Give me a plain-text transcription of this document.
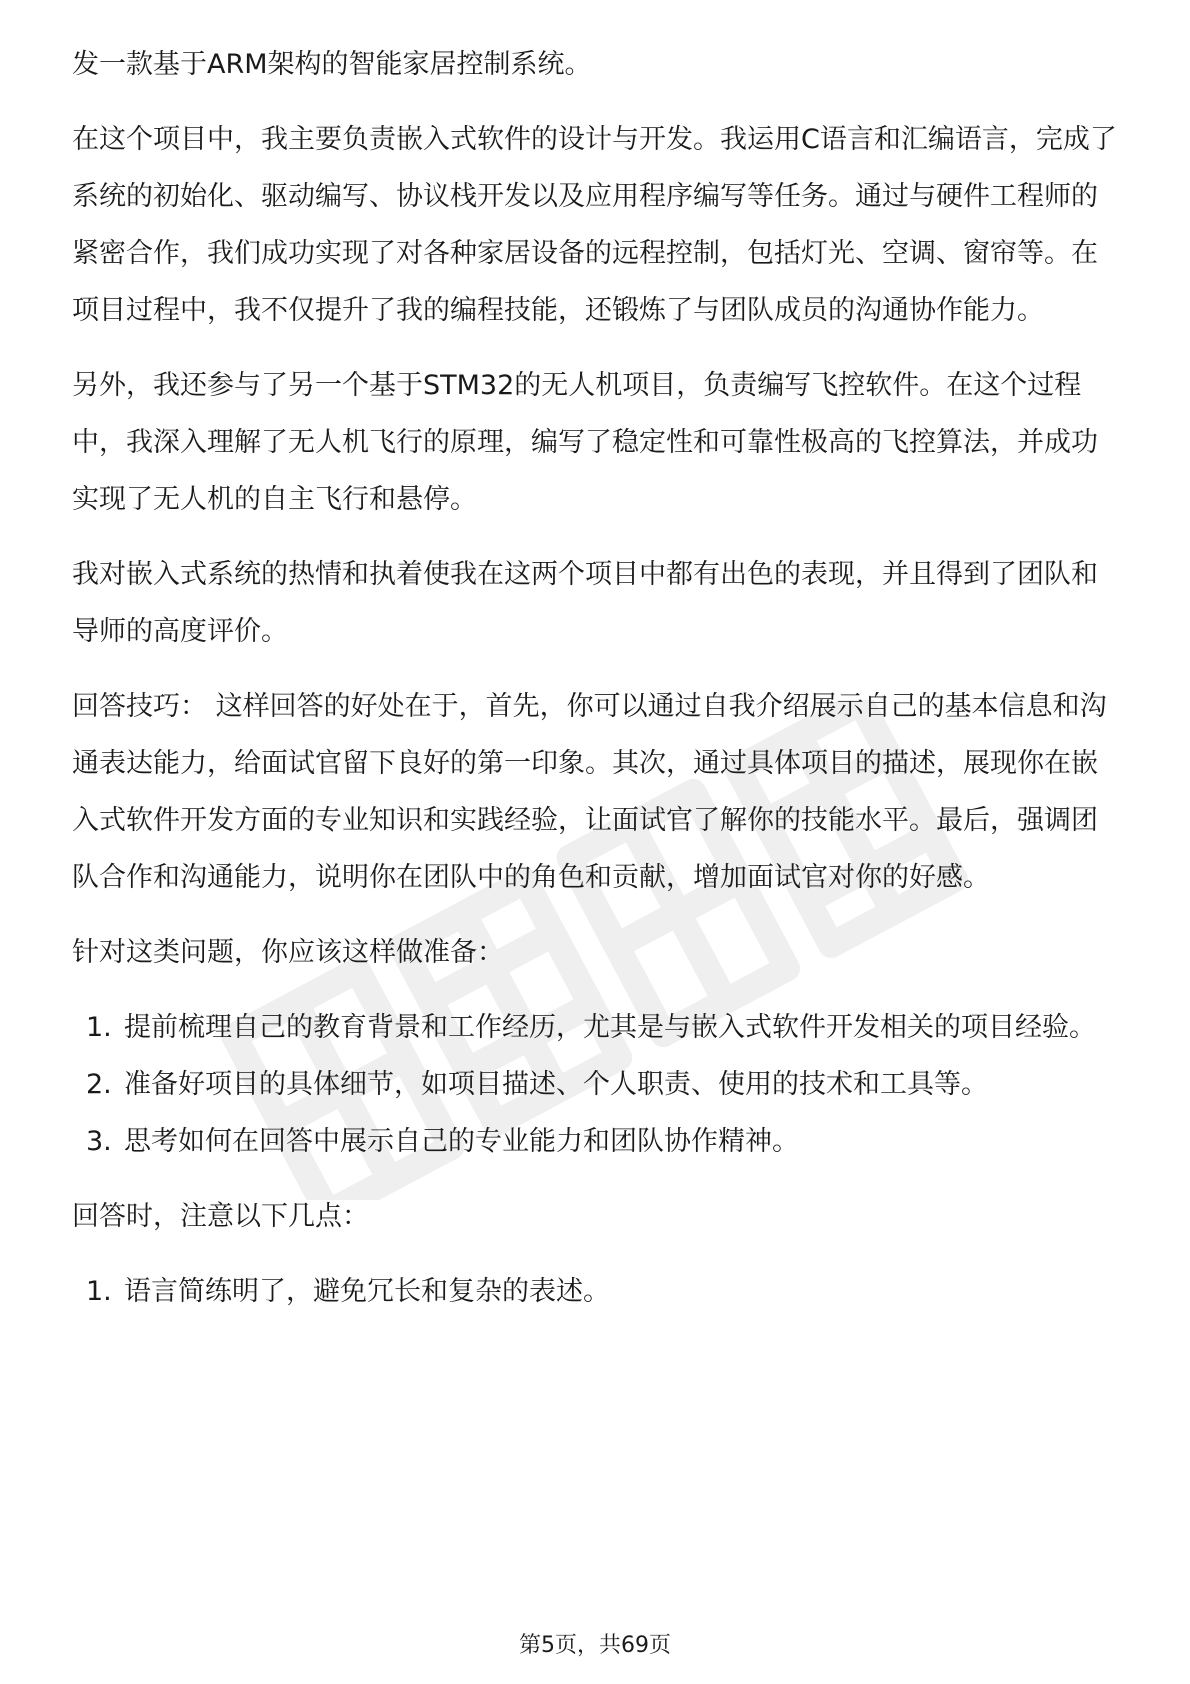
发一款基于ARM架构的智能家居控制系统。

在这个项目中，我主要负责嵌入式软件的设计与开发。我运用C语言和汇编语言，完成了系统的初始化、驱动编写、协议栈开发以及应用程序编写等任务。通过与硬件工程师的紧密合作，我们成功实现了对各种家居设备的远程控制，包括灯光、空调、窗帘等。在项目过程中，我不仅提升了我的编程技能，还锻炼了与团队成员的沟通协作能力。

另外，我还参与了另一个基于STM32的无人机项目，负责编写飞控软件。在这个过程中，我深入理解了无人机飞行的原理，编写了稳定性和可靠性极高的飞控算法，并成功实现了无人机的自主飞行和悬停。

我对嵌入式系统的热情和执着使我在这两个项目中都有出色的表现，并且得到了团队和导师的高度评价。

回答技巧： 这样回答的好处在于，首先，你可以通过自我介绍展示自己的基本信息和沟通表达能力，给面试官留下良好的第一印象。其次，通过具体项目的描述，展现你在嵌入式软件开发方面的专业知识和实践经验，让面试官了解你的技能水平。最后，强调团队合作和沟通能力，说明你在团队中的角色和贡献，增加面试官对你的好感。

针对这类问题，你应该这样做准备：

1. 提前梳理自己的教育背景和工作经历，尤其是与嵌入式软件开发相关的项目经验。
2. 准备好项目的具体细节，如项目描述、个人职责、使用的技术和工具等。
3. 思考如何在回答中展示自己的专业能力和团队协作精神。

回答时，注意以下几点：

1. 语言简练明了，避免冗长和复杂的表述。
第5页，共69页
